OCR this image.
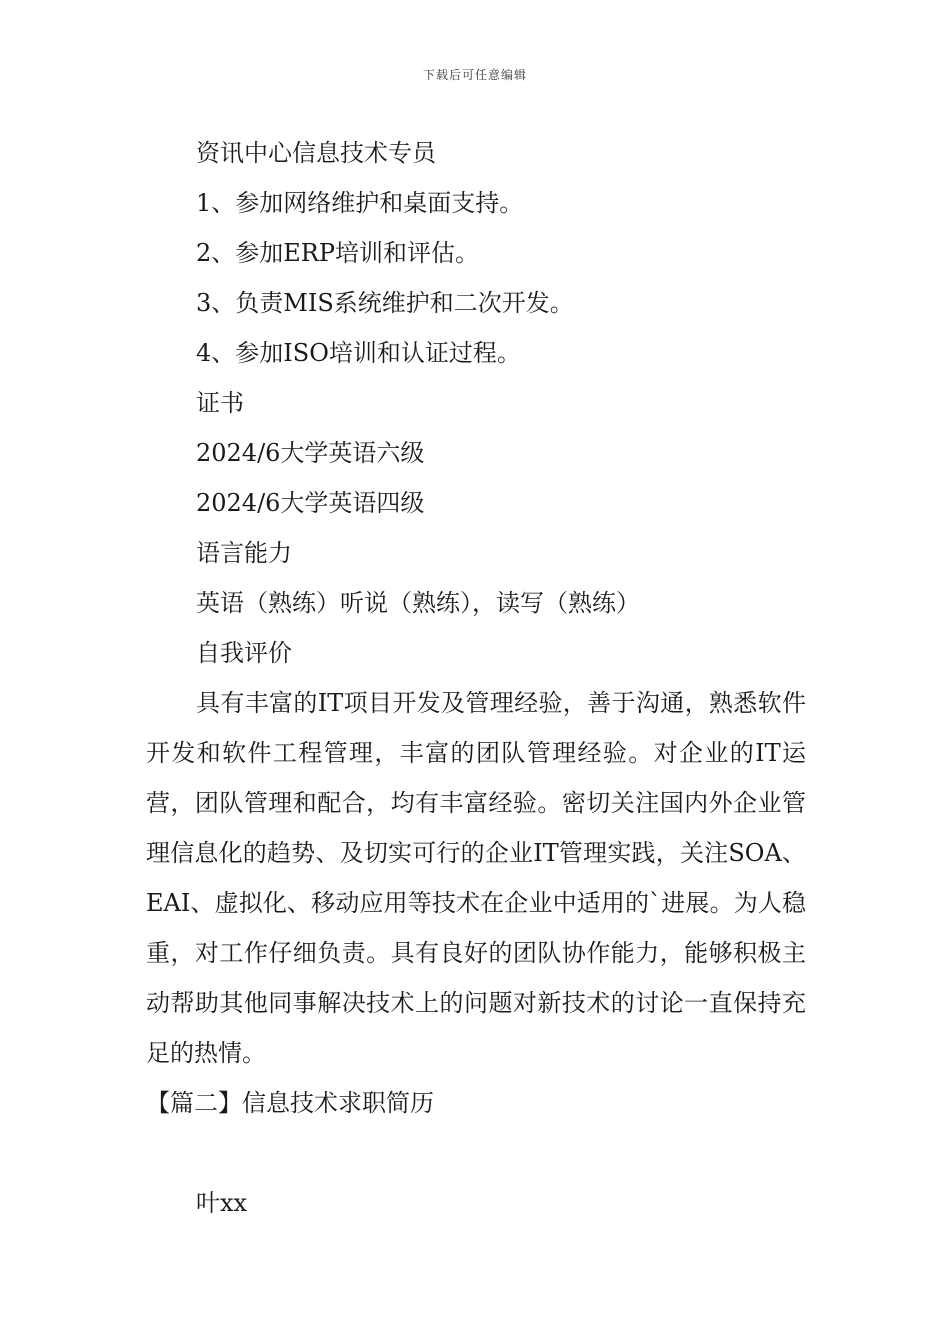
下载后可任意编辑
资讯中心信息技术专员
1、参加网络维护和桌面支持。
2、参加ERP培训和评估。
3、负责MIS系统维护和二次开发。
4、参加ISO培训和认证过程。
证书
2024/6大学英语六级
2024/6大学英语四级
语言能力
英语（熟练）听说（熟练），读写（熟练）
自我评价

具有丰富的IT项目开发及管理经验，善于沟通，熟悉软件开发和软件工程管理，丰富的团队管理经验。对企业的IT运营，团队管理和配合，均有丰富经验。密切关注国内外企业管理信息化的趋势、及切实可行的企业IT管理实践，关注SOA、EAI、虚拟化、移动应用等技术在企业中适用的`进展。为人稳重，对工作仔细负责。具有良好的团队协作能力，能够积极主动帮助其他同事解决技术上的问题对新技术的讨论一直保持充足的热情。

【篇二】信息技术求职简历
叶xx
